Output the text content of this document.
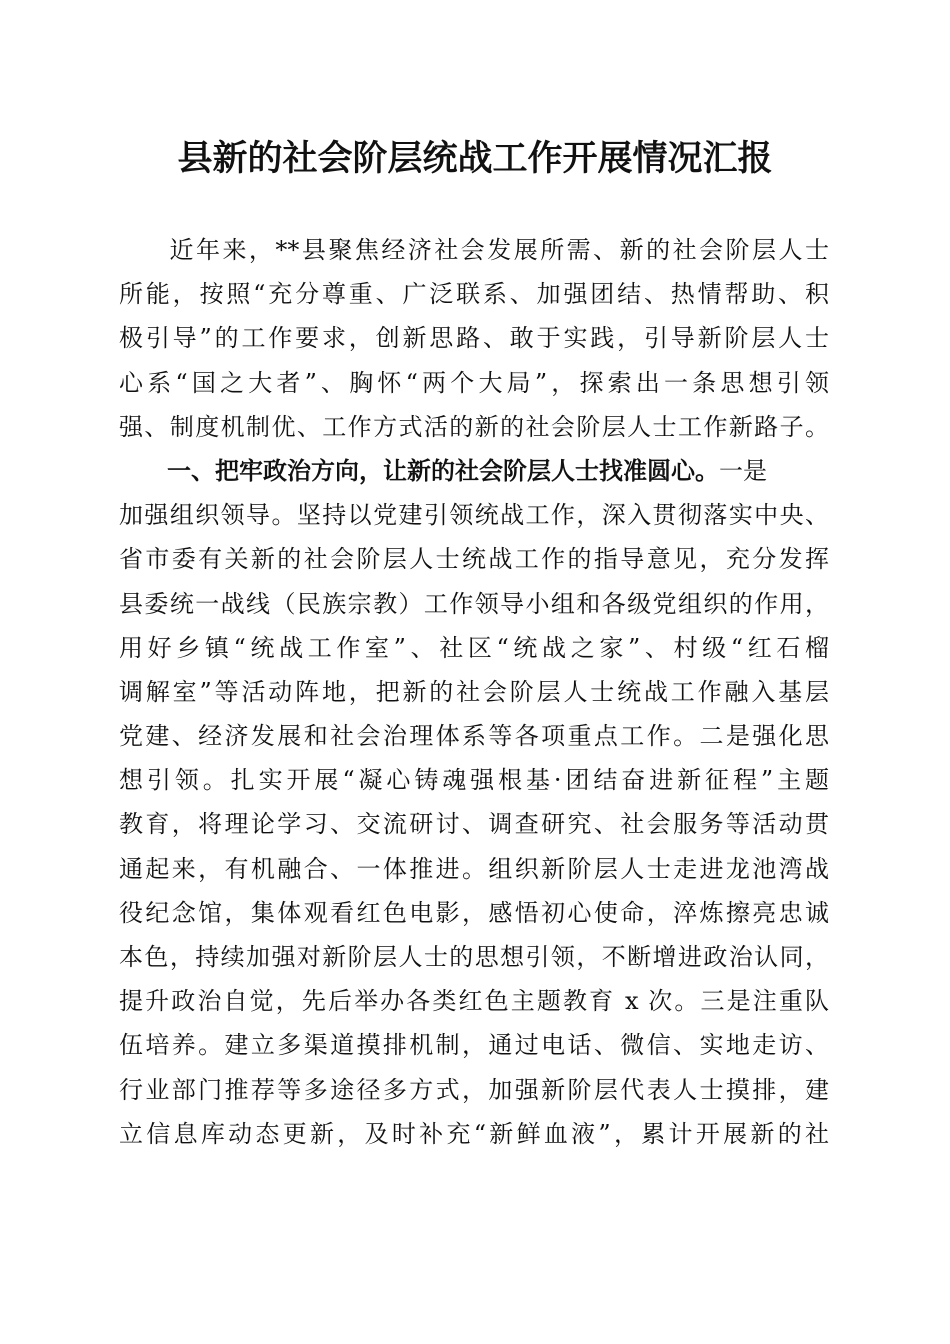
县新的社会阶层统战工作开展情况汇报
近年来，**县聚焦经济社会发展所需、新的社会阶层人士
所能，按照“充分尊重、广泛联系、加强团结、热情帮助、积
极引导”的工作要求，创新思路、敢于实践，引导新阶层人士
心系“国之大者”、胸怀“两个大局”，探索出一条思想引领
强、制度机制优、工作方式活的新的社会阶层人士工作新路子。
一、把牢政治方向，让新的社会阶层人士找准圆心。一是
加强组织领导。坚持以党建引领统战工作，深入贯彻落实中央、
省市委有关新的社会阶层人士统战工作的指导意见，充分发挥
县委统一战线（民族宗教）工作领导小组和各级党组织的作用，
用好乡镇“统战工作室”、社区“统战之家”、村级“红石榴
调解室”等活动阵地，把新的社会阶层人士统战工作融入基层
党建、经济发展和社会治理体系等各项重点工作。二是强化思
想引领。扎实开展“凝心铸魂强根基·团结奋进新征程”主题
教育，将理论学习、交流研讨、调查研究、社会服务等活动贯
通起来，有机融合、一体推进。组织新阶层人士走进龙池湾战
役纪念馆，集体观看红色电影，感悟初心使命，淬炼擦亮忠诚
本色，持续加强对新阶层人士的思想引领，不断增进政治认同，
提升政治自觉，先后举办各类红色主题教育 x 次。三是注重队
伍培养。建立多渠道摸排机制，通过电话、微信、实地走访、
行业部门推荐等多途径多方式，加强新阶层代表人士摸排，建
立信息库动态更新，及时补充“新鲜血液”，累计开展新的社
